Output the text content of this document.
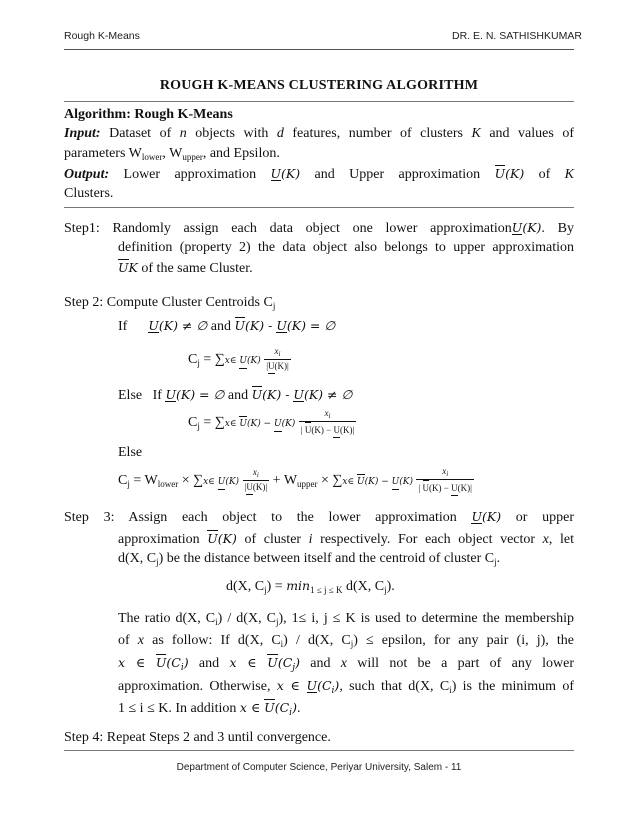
Rough K-Means	DR. E. N. SATHISHKUMAR
ROUGH K-MEANS CLUSTERING ALGORITHM
Algorithm: Rough K-Means
Input: Dataset of n objects with d features, number of clusters K and values of
parameters $W_{lower}$, $W_{upper}$, and Epsilon.
Output: Lower approximation U(K) and Upper approximation U(K) of K
Clusters.
Step1: Randomly assign each data object one lower approximationU(K). By
definition (property 2) the data object also belongs to upper approximation
UK of the same Cluster.
Step 2: Compute Cluster Centroids $C_j$
If U(K) ≠ ∅ and U(K) - U(K) = ∅
$C_j$ = ∑x∈ $U(K) \frac{x_i}{|U(K)|}$
Else   If U(K) = ∅ and U(K) - U(K) ≠ ∅
$C_j$ = ∑x∈ $U(K) - U(K) \frac{x_i}{| U(K) - U(K)|}$
Else
$C_j = W_{lower}$ × ∑x∈ $U(K) \frac{x_i}{|U(K)|} + W_{upper}$ × ∑x∈ $U(K) - U(K) \frac{x_i}{| U(K) - U(K)|}$
Step 3: Assign each object to the lower approximation U(K) or upper
approximation U(K) of cluster i respectively. For each object vector x, let
d(X, $C_j$) be the distance between itself and the centroid of cluster $C_j$.
d(X, $C_j) = \min_{1 \le j \le K} d(X$, $C_j$).
The ratio d(X, $C_i) / d(X$, $C_j$), 1≤ i, j ≤ K is used to determine the membership
of x as follow: If d(X, $C_i) / d(X$, $C_j$) ≤ epsilon, for any pair (i, j), the
x ∈ $U(C_i)$ and x ∈ $U(C_j)$ and x will not be a part of any lower
approximation. Otherwise, x ∈ $U(C_i)$, such that d(X, $C_i$) is the minimum of
1 ≤ i ≤ K. In addition x ∈ $U(C_i)$.
Step 4: Repeat Steps 2 and 3 until convergence.
Department of Computer Science, Periyar University, Salem - 11
